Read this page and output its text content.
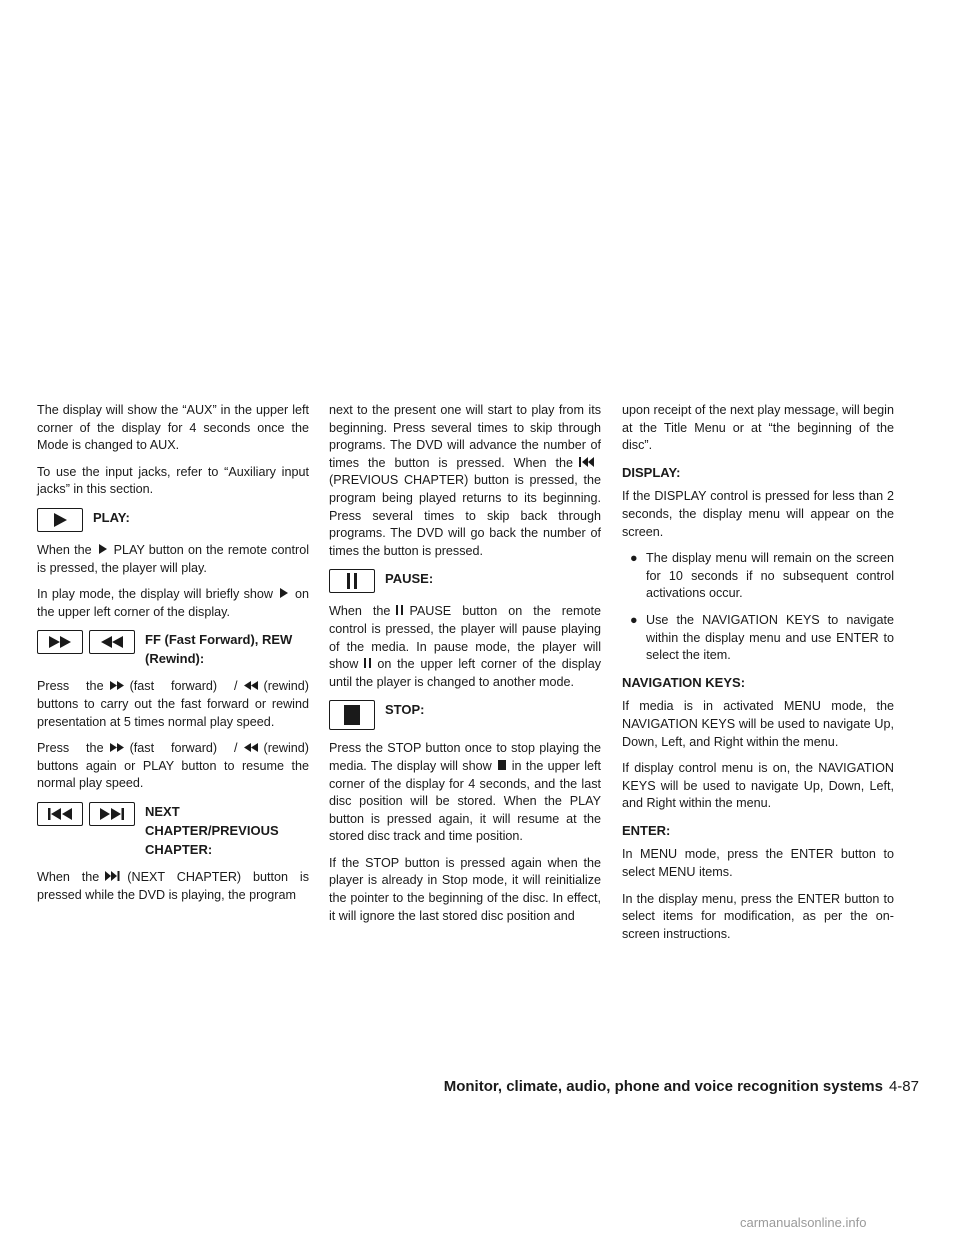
The display will show the “AUX” in the upper left corner of the display for 4 seconds once the Mode is changed to AUX.

To use the input jacks, refer to “Auxiliary input jacks” in this section.

PLAY:

When the PLAY button on the remote control is pressed, the player will play.

In play mode, the display will briefly show on the upper left corner of the display.

FF (Fast Forward), REW
(Rewind):

Press the (fast forward) / (rewind) buttons to carry out the fast forward or rewind presentation at 5 times normal play speed.

Press the (fast forward) / (rewind) buttons again or PLAY button to resume the normal play speed.

NEXT
CHAPTER/PREVIOUS
CHAPTER:

When the (NEXT CHAPTER) button is pressed while the DVD is playing, the program

next to the present one will start to play from its beginning. Press several times to skip through programs. The DVD will advance the number of times the button is pressed. When the(PREVIOUS CHAPTER) button is pressed, the program being played returns to its beginning. Press several times to skip back through programs. The DVD will go back the number of times the button is pressed.

PAUSE:

When the PAUSE button on the remote control is pressed, the player will pause playing of the media. In pause mode, the player will show on the upper left corner of the display until the player is changed to another mode.

STOP:

Press the STOP button once to stop playing the media. The display will show in the upper left corner of the display for 4 seconds, and the last disc position will be stored. When the PLAY button is pressed again, it will resume at the stored disc track and time position.

If the STOP button is pressed again when the player is already in Stop mode, it will reinitialize the pointer to the beginning of the disc. In effect, it will ignore the last stored disc position and

upon receipt of the next play message, will begin at the Title Menu or at “the beginning of the disc”.

DISPLAY:

If the DISPLAY control is pressed for less than 2 seconds, the display menu will appear on the screen.

● The display menu will remain on the screen for 10 seconds if no subsequent control activations occur.
● Use the NAVIGATION KEYS to navigate within the display menu and use ENTER to select the item.
NAVIGATION KEYS:

If media is in activated MENU mode, the NAVIGATION KEYS will be used to navigate Up, Down, Left, and Right within the menu.

If display control menu is on, the NAVIGATION KEYS will be used to navigate Up, Down, Left, and Right within the menu.

ENTER:

In MENU mode, press the ENTER button to select MENU items.

In the display menu, press the ENTER button to select items for modification, as per the on-screen instructions.

Monitor, climate, audio, phone and voice recognition systems 4-87
carmanualsonline.info
